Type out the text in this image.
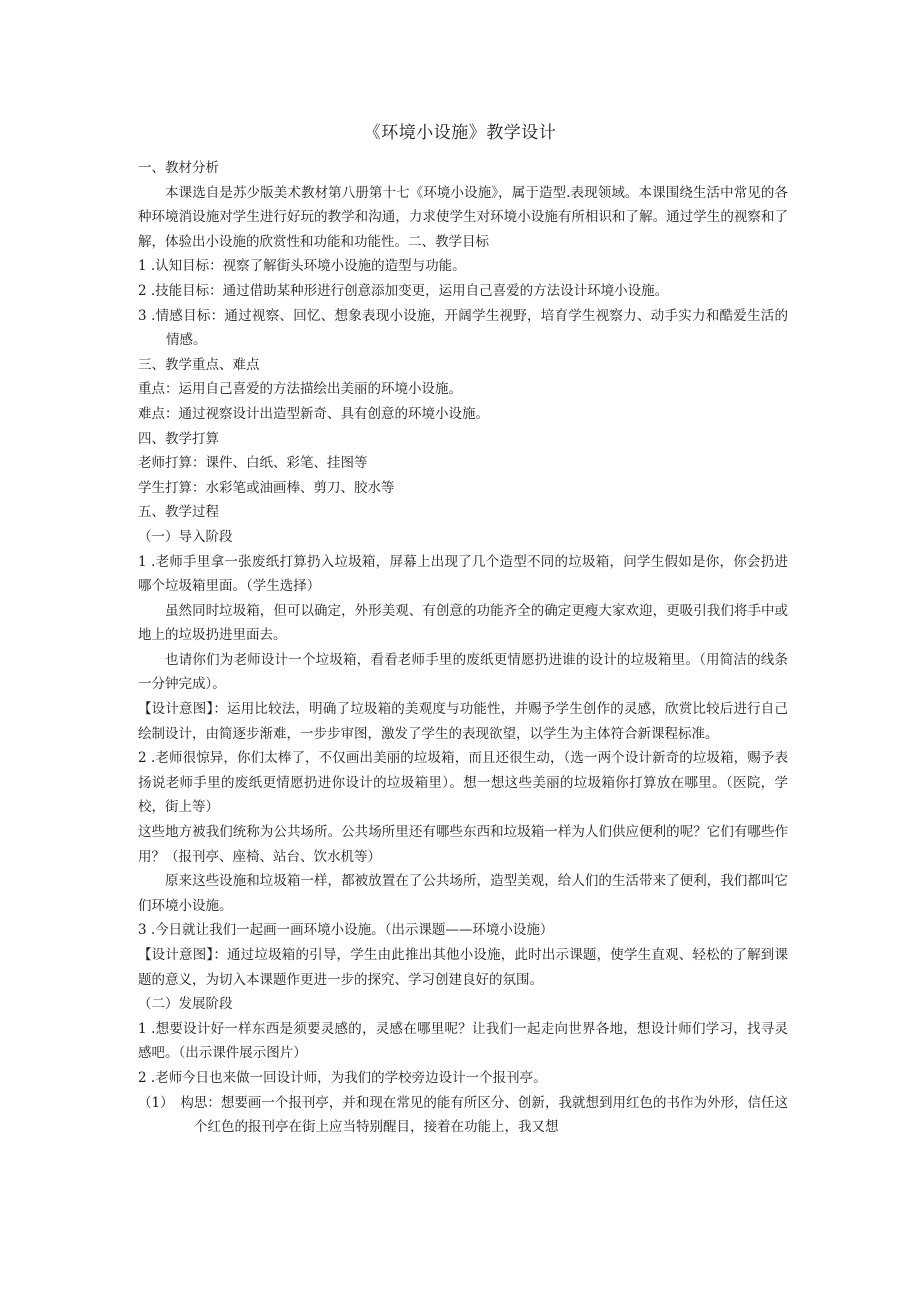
《环境小设施》教学设计

一、教材分析

本课选自是苏少版美术教材第八册第十七《环境小设施》，属于造型.表现领域。本课围绕生活中常见的各种环境消设施对学生进行好玩的教学和沟通，力求使学生对环境小设施有所相识和了解。通过学生的视察和了解，体验出小设施的欣赏性和功能和功能性。二、教学目标

1 .认知目标：视察了解街头环境小设施的造型与功能。

2 .技能目标：通过借助某种形进行创意添加变更，运用自己喜爱的方法设计环境小设施。

3 .情感目标：通过视察、回忆、想象表现小设施，开阔学生视野，培育学生视察力、动手实力和酷爱生活的情感。

三、教学重点、难点

重点：运用自己喜爱的方法描绘出美丽的环境小设施。

难点：通过视察设计出造型新奇、具有创意的环境小设施。

四、教学打算

老师打算：课件、白纸、彩笔、挂图等

学生打算：水彩笔或油画棒、剪刀、胶水等

五、教学过程

（一）导入阶段

1 .老师手里拿一张废纸打算扔入垃圾箱，屏幕上出现了几个造型不同的垃圾箱，问学生假如是你，你会扔进哪个垃圾箱里面。（学生选择）

虽然同时垃圾箱，但可以确定，外形美观、有创意的功能齐全的确定更瘦大家欢迎，更吸引我们将手中或地上的垃圾扔进里面去。

也请你们为老师设计一个垃圾箱，看看老师手里的废纸更情愿扔进谁的设计的垃圾箱里。（用简洁的线条一分钟完成）。

【设计意图】：运用比较法，明确了垃圾箱的美观度与功能性，并赐予学生创作的灵感，欣赏比较后进行自己绘制设计，由简逐步渐难，一步步审图，激发了学生的表现欲望，以学生为主体符合新课程标准。

2 .老师很惊异，你们太棒了，不仅画出美丽的垃圾箱，而且还很生动，（选一两个设计新奇的垃圾箱，赐予表扬说老师手里的废纸更情愿扔进你设计的垃圾箱里）。想一想这些美丽的垃圾箱你打算放在哪里。（医院，学校，街上等）

这些地方被我们统称为公共场所。公共场所里还有哪些东西和垃圾箱一样为人们供应便利的呢？它们有哪些作用？（报刊亭、座椅、站台、饮水机等）

原来这些设施和垃圾箱一样，都被放置在了公共场所，造型美观，给人们的生活带来了便利，我们都叫它们环境小设施。

3 .今日就让我们一起画一画环境小设施。（出示课题——环境小设施）

【设计意图】：通过垃圾箱的引导，学生由此推出其他小设施，此时出示课题，使学生直观、轻松的了解到课题的意义，为切入本课题作更进一步的探究、学习创建良好的氛围。

（二）发展阶段

1 .想要设计好一样东西是须要灵感的，灵感在哪里呢？让我们一起走向世界各地，想设计师们学习，找寻灵感吧。（出示课件展示图片）

2 .老师今日也来做一回设计师，为我们的学校旁边设计一个报刊亭。

（1）　构思：想要画一个报刊亭，并和现在常见的能有所区分、创新，我就想到用红色的书作为外形，信任这个红色的报刊亭在街上应当特别醒目，接着在功能上，我又想
